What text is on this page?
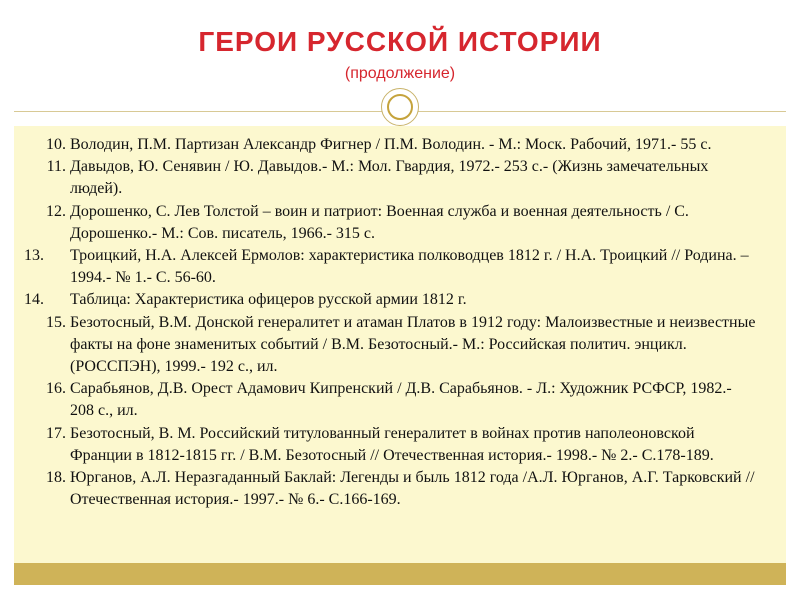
ГЕРОИ РУССКОЙ ИСТОРИИ
(продолжение)
10. Володин, П.М. Партизан Александр Фигнер / П.М. Володин. - М.: Моск. Рабочий, 1971.- 55 с.
11. Давыдов, Ю. Сенявин / Ю. Давыдов.- М.: Мол. Гвардия, 1972.- 253 с.- (Жизнь замечательных людей).
12. Дорошенко, С. Лев Толстой – воин и патриот: Военная служба и военная деятельность / С. Дорошенко.- М.: Сов. писатель, 1966.- 315 с.
13. Троицкий, Н.А. Алексей Ермолов: характеристика полководцев 1812 г. / Н.А. Троицкий // Родина. – 1994.- № 1.- С. 56-60.
14. Таблица: Характеристика офицеров русской армии 1812 г.
15. Безотосный, В.М. Донской генералитет и атаман Платов в 1912 году: Малоизвестные и неизвестные факты на фоне знаменитых событий / В.М. Безотосный.- М.: Российская политич. энцикл. (РОССПЭН), 1999.- 192 с., ил.
16. Сарабьянов, Д.В. Орест Адамович Кипренский / Д.В. Сарабьянов. - Л.: Художник РСФСР, 1982.- 208 с., ил.
17. Безотосный, В. М. Российский титулованный генералитет в войнах против наполеоновской Франции в 1812-1815 гг. / В.М. Безотосный // Отечественная история.- 1998.- № 2.- С.178-189.
18. Юрганов, А.Л. Неразгаданный Баклай: Легенды и быль 1812 года /А.Л. Юрганов, А.Г. Тарковский // Отечественная история.- 1997.- № 6.- С.166-169.
